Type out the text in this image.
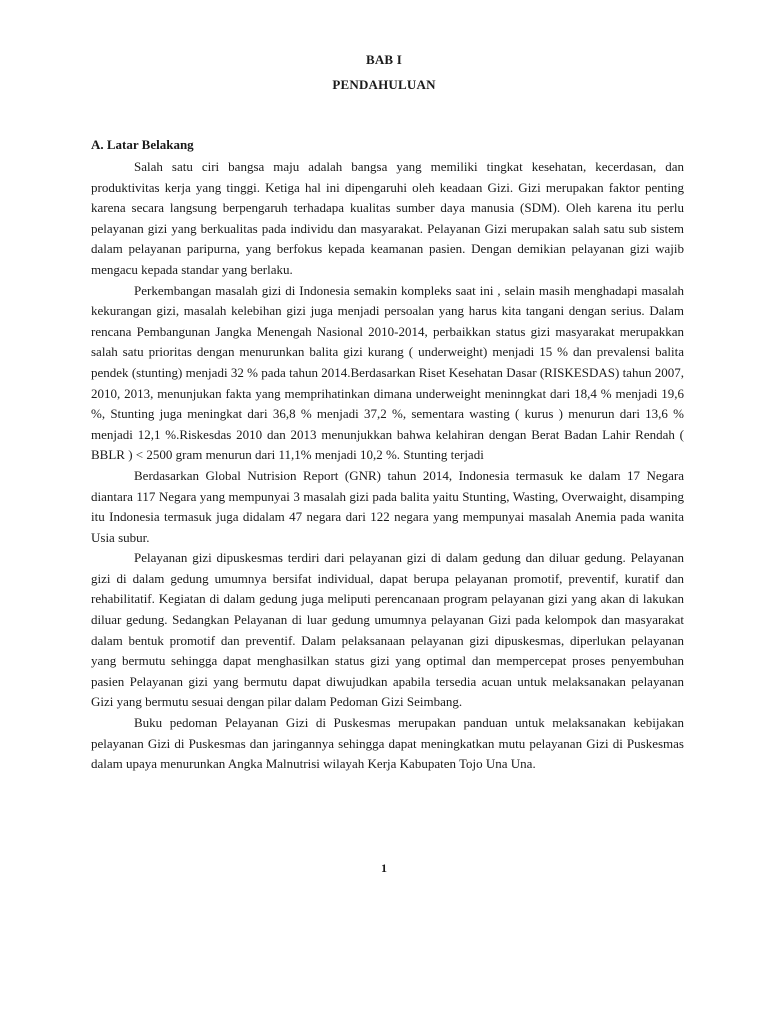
BAB I
PENDAHULUAN
A. Latar Belakang

Salah satu ciri bangsa maju adalah bangsa yang memiliki tingkat kesehatan, kecerdasan, dan produktivitas kerja yang tinggi. Ketiga hal ini dipengaruhi oleh keadaan Gizi. Gizi merupakan faktor penting karena secara langsung berpengaruh terhadapa kualitas sumber daya manusia (SDM). Oleh karena itu perlu pelayanan gizi yang berkualitas pada individu dan masyarakat. Pelayanan Gizi merupakan salah satu sub sistem dalam pelayanan paripurna, yang berfokus kepada keamanan pasien. Dengan demikian pelayanan gizi wajib mengacu kepada standar yang berlaku.

Perkembangan masalah gizi di Indonesia semakin kompleks saat ini , selain masih menghadapi masalah kekurangan gizi, masalah kelebihan gizi juga menjadi persoalan yang harus kita tangani dengan serius. Dalam rencana Pembangunan Jangka Menengah Nasional 2010-2014, perbaikkan status gizi masyarakat merupakkan salah satu prioritas dengan menurunkan balita gizi kurang ( underweight) menjadi 15 % dan prevalensi balita pendek (stunting) menjadi 32 % pada tahun 2014.Berdasarkan Riset Kesehatan Dasar (RISKESDAS) tahun 2007, 2010, 2013, menunjukan fakta yang memprihatinkan dimana underweight meninngkat dari 18,4 % menjadi 19,6 %, Stunting juga meningkat dari 36,8 % menjadi 37,2 %, sementara wasting ( kurus ) menurun dari 13,6 % menjadi 12,1 %.Riskesdas 2010 dan 2013 menunjukkan bahwa kelahiran dengan Berat Badan Lahir Rendah ( BBLR ) < 2500 gram menurun dari 11,1% menjadi 10,2 %. Stunting terjadi

Berdasarkan Global Nutrision Report (GNR) tahun 2014, Indonesia termasuk ke dalam 17 Negara diantara 117 Negara yang mempunyai 3 masalah gizi pada balita yaitu Stunting, Wasting, Overwaight, disamping itu Indonesia termasuk juga didalam 47 negara dari 122 negara yang mempunyai masalah Anemia pada wanita Usia subur.

Pelayanan gizi dipuskesmas terdiri dari pelayanan gizi di dalam gedung dan diluar gedung. Pelayanan gizi di dalam gedung umumnya bersifat individual, dapat berupa pelayanan promotif, preventif, kuratif dan rehabilitatif. Kegiatan di dalam gedung juga meliputi perencanaan program pelayanan gizi yang akan di lakukan diluar gedung. Sedangkan Pelayanan di luar gedung umumnya pelayanan Gizi pada kelompok dan masyarakat dalam bentuk promotif dan preventif. Dalam pelaksanaan pelayanan gizi dipuskesmas, diperlukan pelayanan yang bermutu sehingga dapat menghasilkan status gizi yang optimal dan mempercepat proses penyembuhan pasien Pelayanan gizi yang bermutu dapat diwujudkan apabila tersedia acuan untuk melaksanakan pelayanan Gizi yang bermutu sesuai dengan pilar dalam Pedoman Gizi Seimbang.

Buku pedoman Pelayanan Gizi di Puskesmas merupakan panduan untuk melaksanakan kebijakan pelayanan Gizi di Puskesmas dan jaringannya sehingga dapat meningkatkan mutu pelayanan Gizi di Puskesmas dalam upaya menurunkan Angka Malnutrisi wilayah Kerja Kabupaten Tojo Una Una.

1
